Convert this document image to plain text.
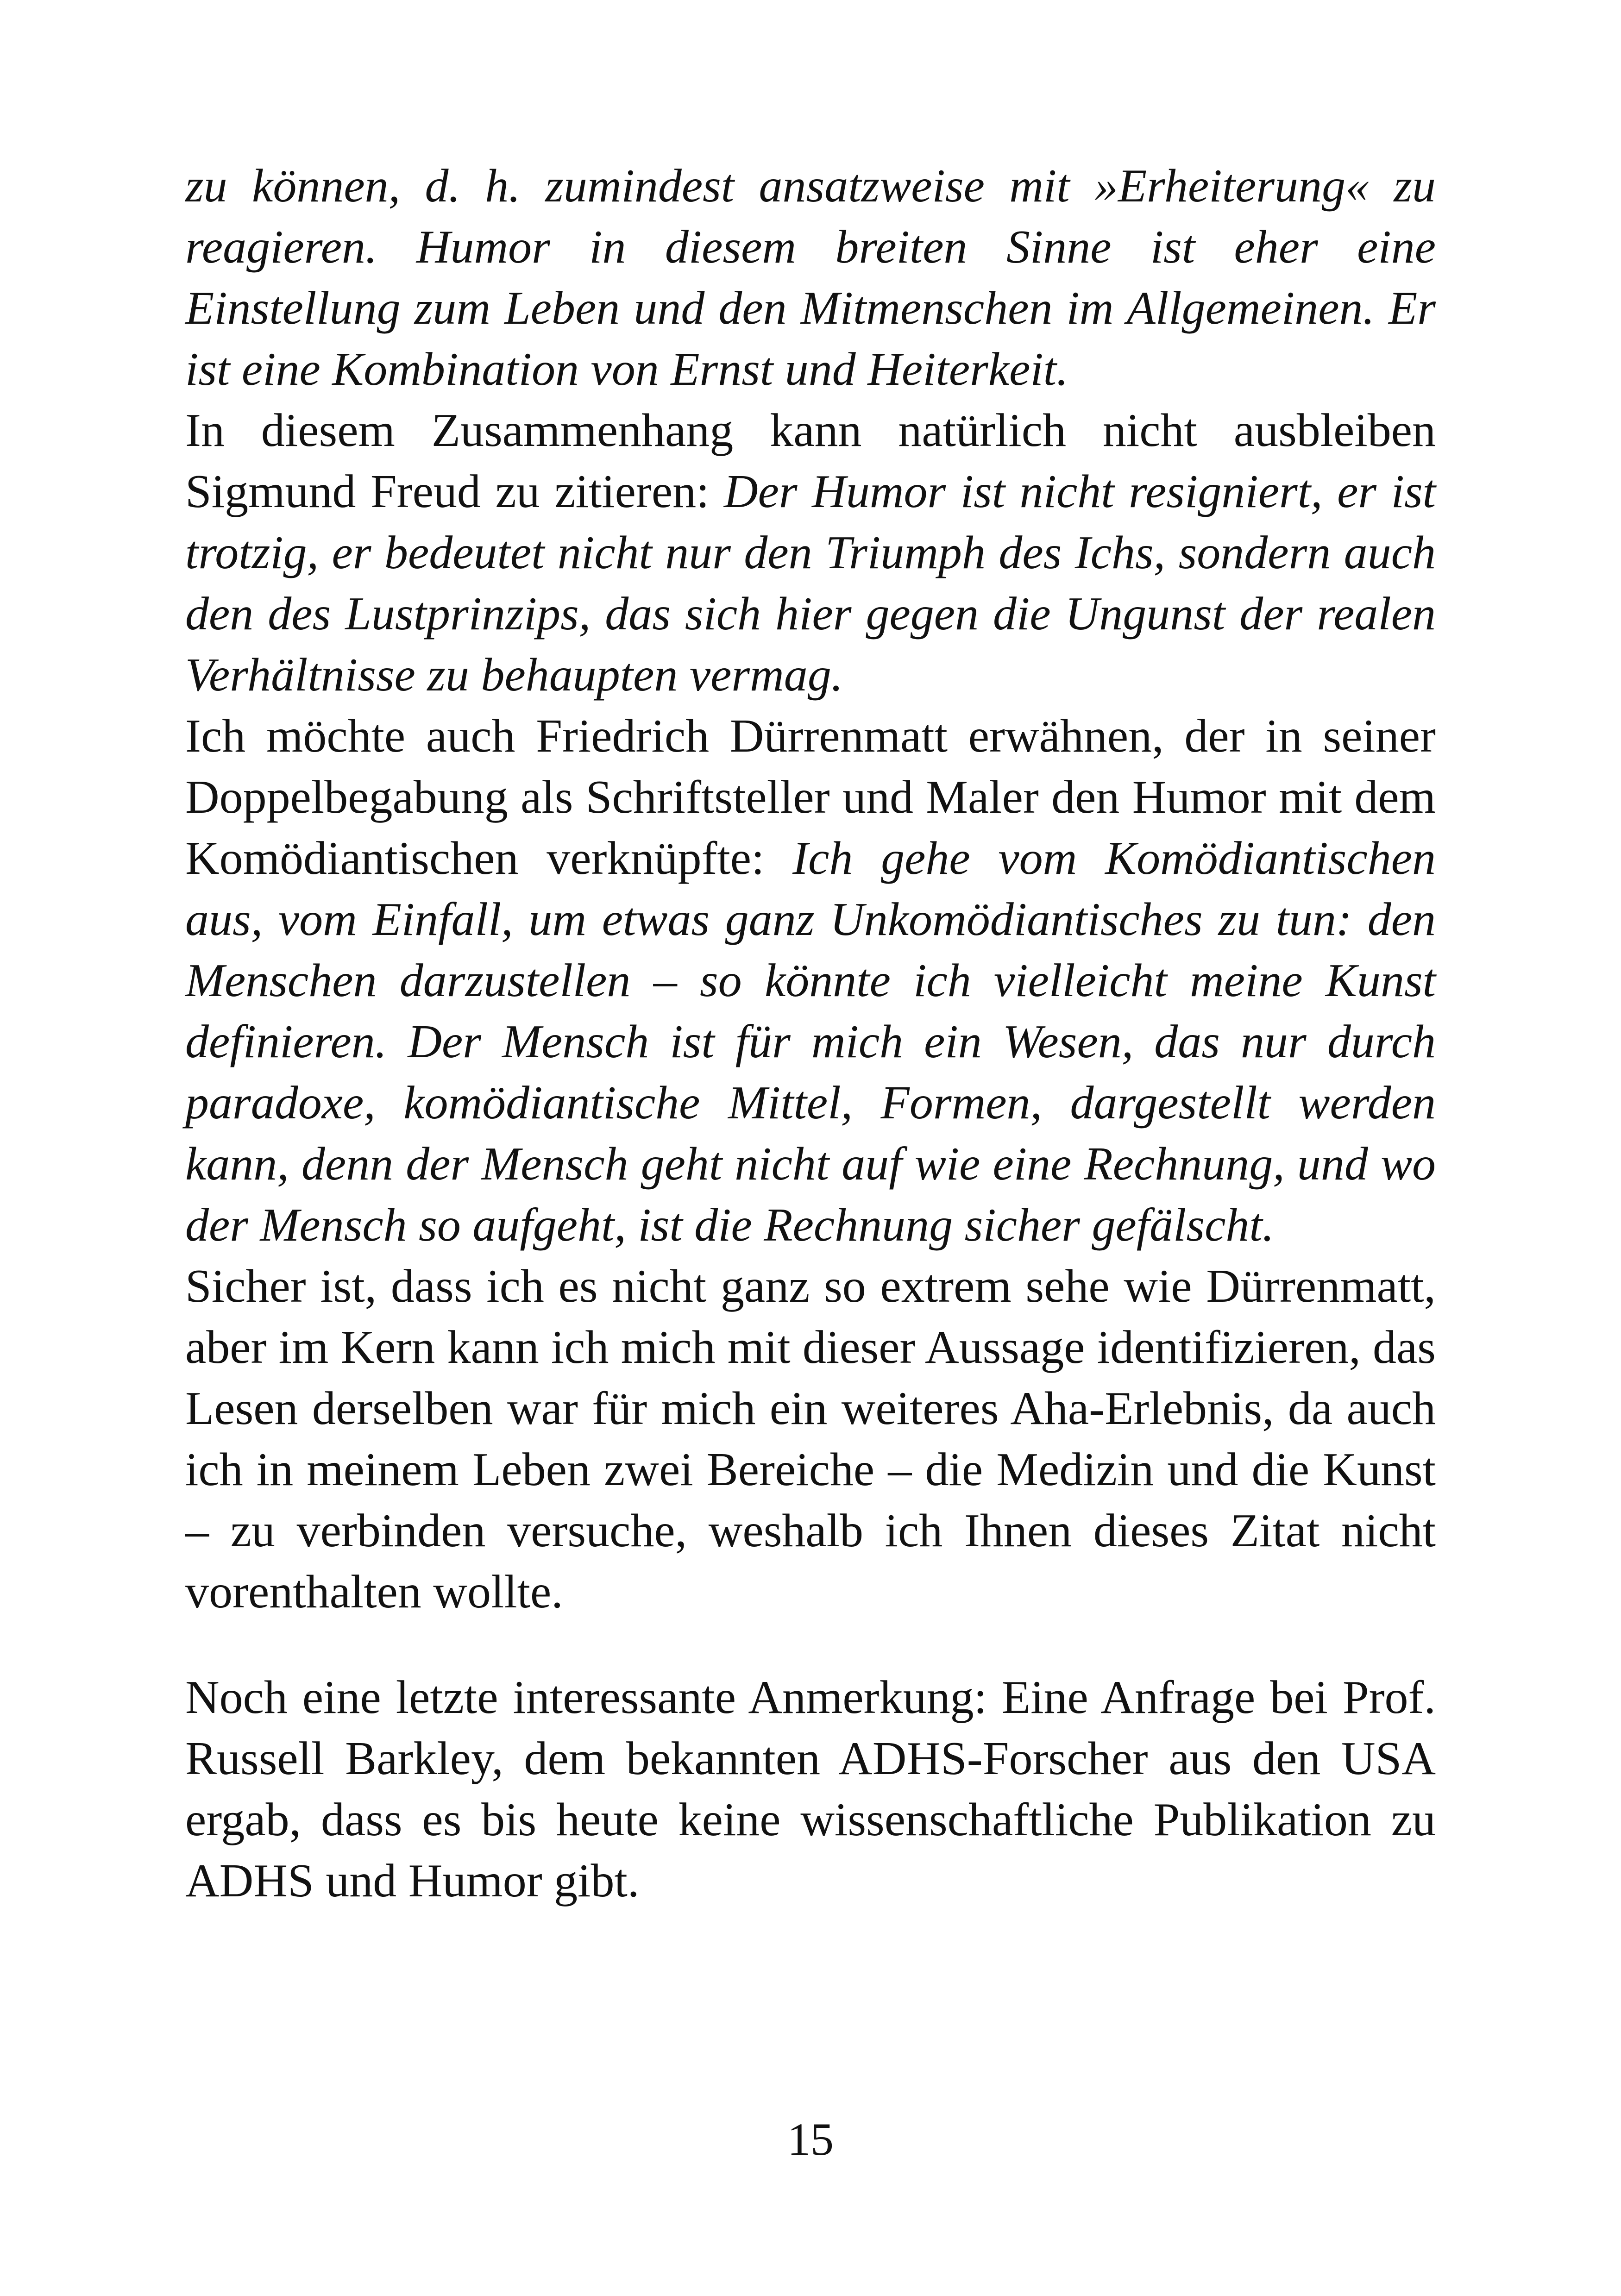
zu können, d. h. zumindest ansatzweise mit »Erheiterung« zu reagieren. Humor in diesem breiten Sinne ist eher eine Einstellung zum Leben und den Mitmenschen im Allgemeinen. Er ist eine Kombination von Ernst und Heiterkeit.

In diesem Zusammenhang kann natürlich nicht ausbleiben Sigmund Freud zu zitieren: Der Humor ist nicht resigniert, er ist trotzig, er bedeutet nicht nur den Triumph des Ichs, sondern auch den des Lustprinzips, das sich hier gegen die Ungunst der realen Verhältnisse zu behaupten vermag.

Ich möchte auch Friedrich Dürrenmatt erwähnen, der in seiner Doppelbegabung als Schriftsteller und Maler den Humor mit dem Komödiantischen verknüpfte: Ich gehe vom Komödiantischen aus, vom Einfall, um etwas ganz Unkomödiantisches zu tun: den Menschen darzustellen – so könnte ich vielleicht meine Kunst definieren. Der Mensch ist für mich ein Wesen, das nur durch paradoxe, komödiantische Mittel, Formen, dargestellt werden kann, denn der Mensch geht nicht auf wie eine Rechnung, und wo der Mensch so aufgeht, ist die Rechnung sicher gefälscht.

Sicher ist, dass ich es nicht ganz so extrem sehe wie Dürrenmatt, aber im Kern kann ich mich mit dieser Aussage identifizieren, das Lesen derselben war für mich ein weiteres Aha-Erlebnis, da auch ich in meinem Leben zwei Bereiche – die Medizin und die Kunst – zu verbinden versuche, weshalb ich Ihnen dieses Zitat nicht vorenthalten wollte.

Noch eine letzte interessante Anmerkung: Eine Anfrage bei Prof. Russell Barkley, dem bekannten ADHS-Forscher aus den USA ergab, dass es bis heute keine wissenschaftliche Publikation zu ADHS und Humor gibt.

15
